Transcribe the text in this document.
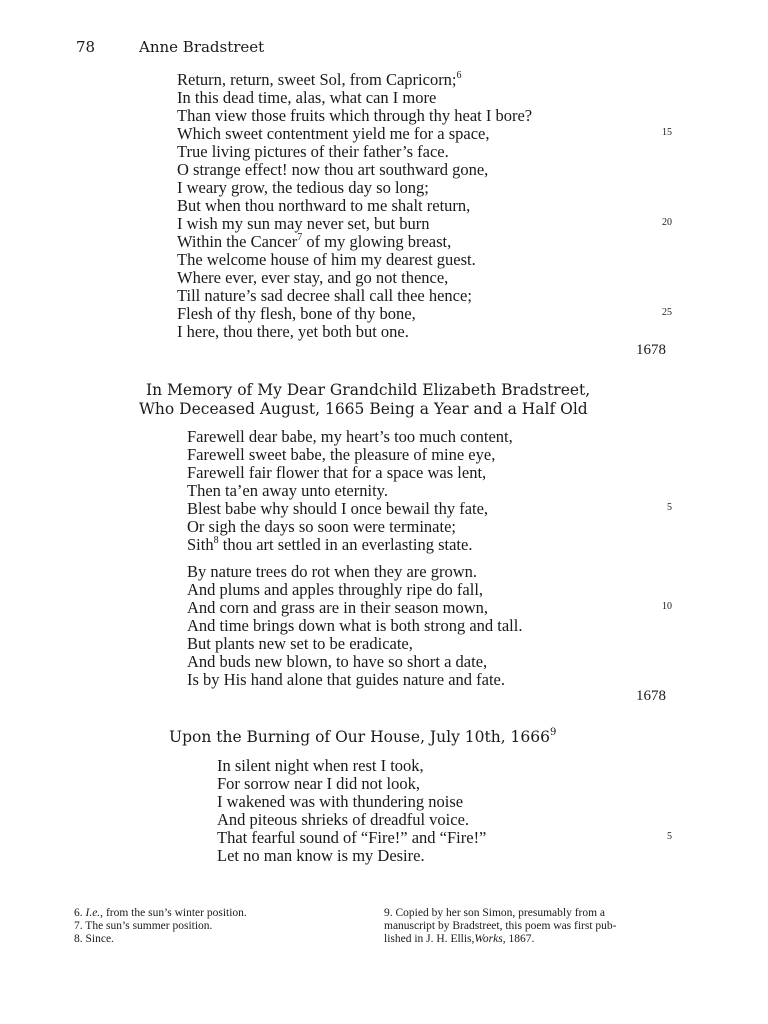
78	Anne Bradstreet
Return, return, sweet Sol, from Capricorn;$^6$
In this dead time, alas, what can I more
Than view those fruits which through thy heat I bore?
Which sweet contentment yield me for a space,	15
True living pictures of their father’s face.
O strange effect! now thou art southward gone,
I weary grow, the tedious day so long;
But when thou northward to me shalt return,
I wish my sun may never set, but burn	20
Within the Cancer$^7$ of my glowing breast,
The welcome house of him my dearest guest.
Where ever, ever stay, and go not thence,
Till nature’s sad decree shall call thee hence;
Flesh of thy flesh, bone of thy bone,	25
I here, thou there, yet both but one.
1678
In Memory of My Dear Grandchild Elizabeth Bradstreet,
Who Deceased August, 1665 Being a Year and a Half Old
Farewell dear babe, my heart’s too much content,
Farewell sweet babe, the pleasure of mine eye,
Farewell fair flower that for a space was lent,
Then ta’en away unto eternity.
Blest babe why should I once bewail thy fate,	5
Or sigh the days so soon were terminate;
Sith$^8$ thou art settled in an everlasting state.
By nature trees do rot when they are grown.
And plums and apples throughly ripe do fall,
And corn and grass are in their season mown,	10
And time brings down what is both strong and tall.
But plants new set to be eradicate,
And buds new blown, to have so short a date,
Is by His hand alone that guides nature and fate.
1678
Upon the Burning of Our House, July 10th, 1666$^9$
In silent night when rest I took,
For sorrow near I did not look,
I wakened was with thundering noise
And piteous shrieks of dreadful voice.
That fearful sound of “Fire!” and “Fire!”	5
Let no man know is my Desire.
6. I.e., from the sun’s winter position.
7. The sun’s summer position.
8. Since.
9. Copied by her son Simon, presumably from a
manuscript by Bradstreet, this poem was first pub-
lished in J. H. Ellis,Works, 1867.
